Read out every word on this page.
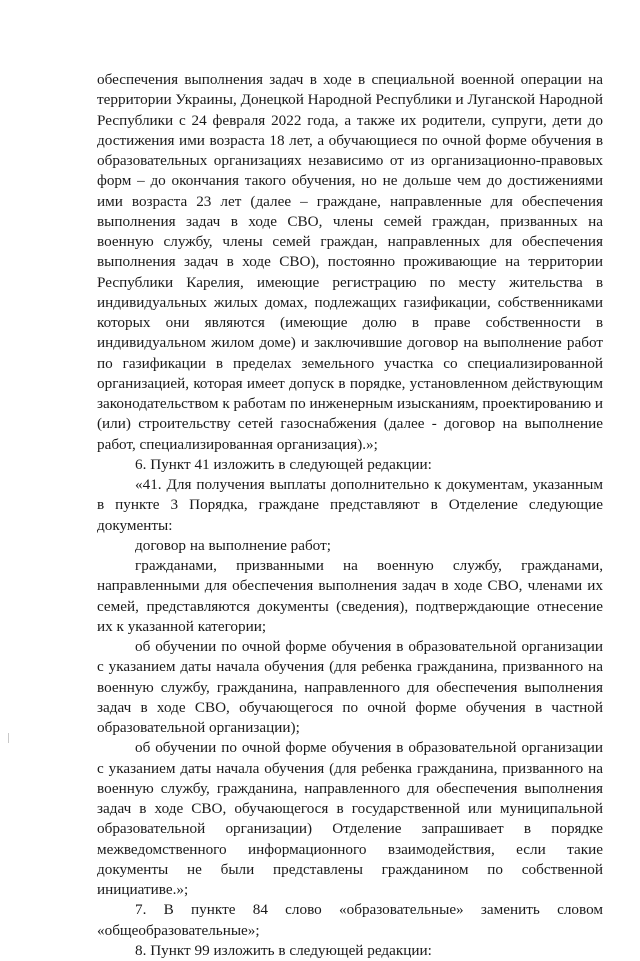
обеспечения выполнения задач в ходе в специальной военной операции на территории Украины, Донецкой Народной Республики и Луганской Народной Республики с 24 февраля 2022 года, а также их родители, супруги, дети до достижения ими возраста 18 лет, а обучающиеся по очной форме обучения в образовательных организациях независимо от из организационно-правовых форм – до окончания такого обучения, но не дольше чем до достижениями ими возраста 23 лет (далее – граждане, направленные для обеспечения выполнения задач в ходе СВО, члены семей граждан, призванных на военную службу, члены семей граждан, направленных для обеспечения выполнения задач в ходе СВО), постоянно проживающие на территории Республики Карелия, имеющие регистрацию по месту жительства в индивидуальных жилых домах, подлежащих газификации, собственниками которых они являются (имеющие долю в праве собственности в индивидуальном жилом доме) и заключившие договор на выполнение работ по газификации в пределах земельного участка со специализированной организацией, которая имеет допуск в порядке, установленном действующим законодательством к работам по инженерным изысканиям, проектированию и (или) строительству сетей газоснабжения (далее - договор на выполнение работ, специализированная организация).»;

6. Пункт 41 изложить в следующей редакции:

«41. Для получения выплаты дополнительно к документам, указанным в пункте 3 Порядка, граждане представляют в Отделение следующие документы:

договор на выполнение работ;

гражданами, призванными на военную службу, гражданами, направленными для обеспечения выполнения задач в ходе СВО, членами их семей, представляются документы (сведения), подтверждающие отнесение их к указанной категории;

об обучении по очной форме обучения в образовательной организации с указанием даты начала обучения (для ребенка гражданина, призванного на военную службу, гражданина, направленного для обеспечения выполнения задач в ходе СВО, обучающегося по очной форме обучения в частной образовательной организации);

об обучении по очной форме обучения в образовательной организации с указанием даты начала обучения (для ребенка гражданина, призванного на военную службу, гражданина, направленного для обеспечения выполнения задач в ходе СВО, обучающегося в государственной или муниципальной образовательной организации) Отделение запрашивает в порядке межведомственного информационного взаимодействия, если такие документы не были представлены гражданином по собственной инициативе.»;

7. В пункте 84 слово «образовательные» заменить словом «общеобразовательные»;

8. Пункт 99 изложить в следующей редакции:
